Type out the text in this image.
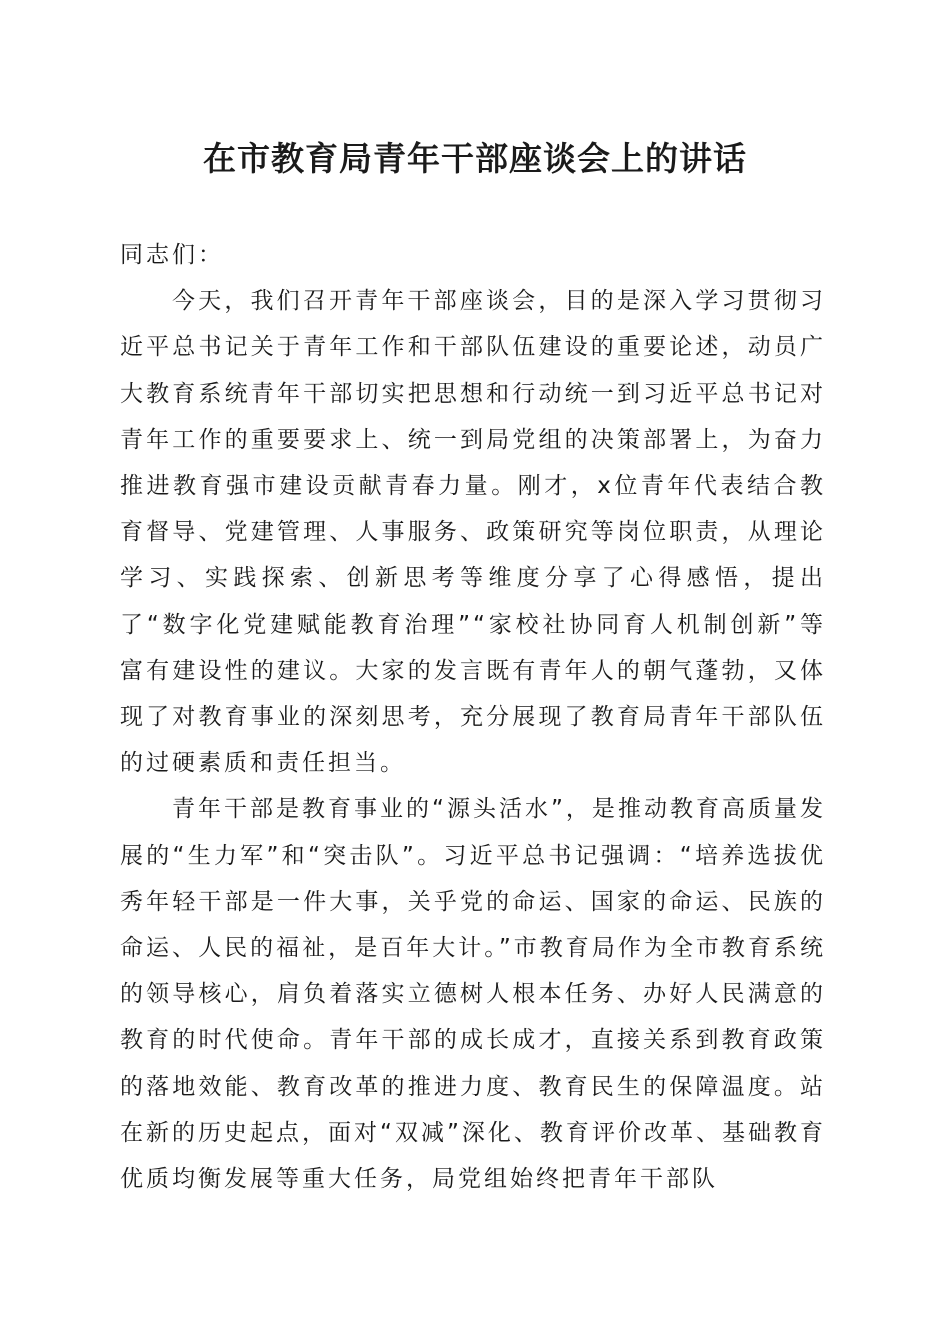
在市教育局青年干部座谈会上的讲话

同志们：

今天，我们召开青年干部座谈会，目的是深入学习贯彻习近平总书记关于青年工作和干部队伍建设的重要论述，动员广大教育系统青年干部切实把思想和行动统一到习近平总书记对青年工作的重要要求上、统一到局党组的决策部署上，为奋力推进教育强市建设贡献青春力量。刚才，x位青年代表结合教育督导、党建管理、人事服务、政策研究等岗位职责，从理论学习、实践探索、创新思考等维度分享了心得感悟，提出了“数字化党建赋能教育治理”“家校社协同育人机制创新”等富有建设性的建议。大家的发言既有青年人的朝气蓬勃，又体现了对教育事业的深刻思考，充分展现了教育局青年干部队伍的过硬素质和责任担当。

青年干部是教育事业的“源头活水”，是推动教育高质量发展的“生力军”和“突击队”。习近平总书记强调：“培养选拔优秀年轻干部是一件大事，关乎党的命运、国家的命运、民族的命运、人民的福祉，是百年大计。”市教育局作为全市教育系统的领导核心，肩负着落实立德树人根本任务、办好人民满意的教育的时代使命。青年干部的成长成才，直接关系到教育政策的落地效能、教育改革的推进力度、教育民生的保障温度。站在新的历史起点，面对“双减”深化、教育评价改革、基础教育优质均衡发展等重大任务，局党组始终把青年干部队
